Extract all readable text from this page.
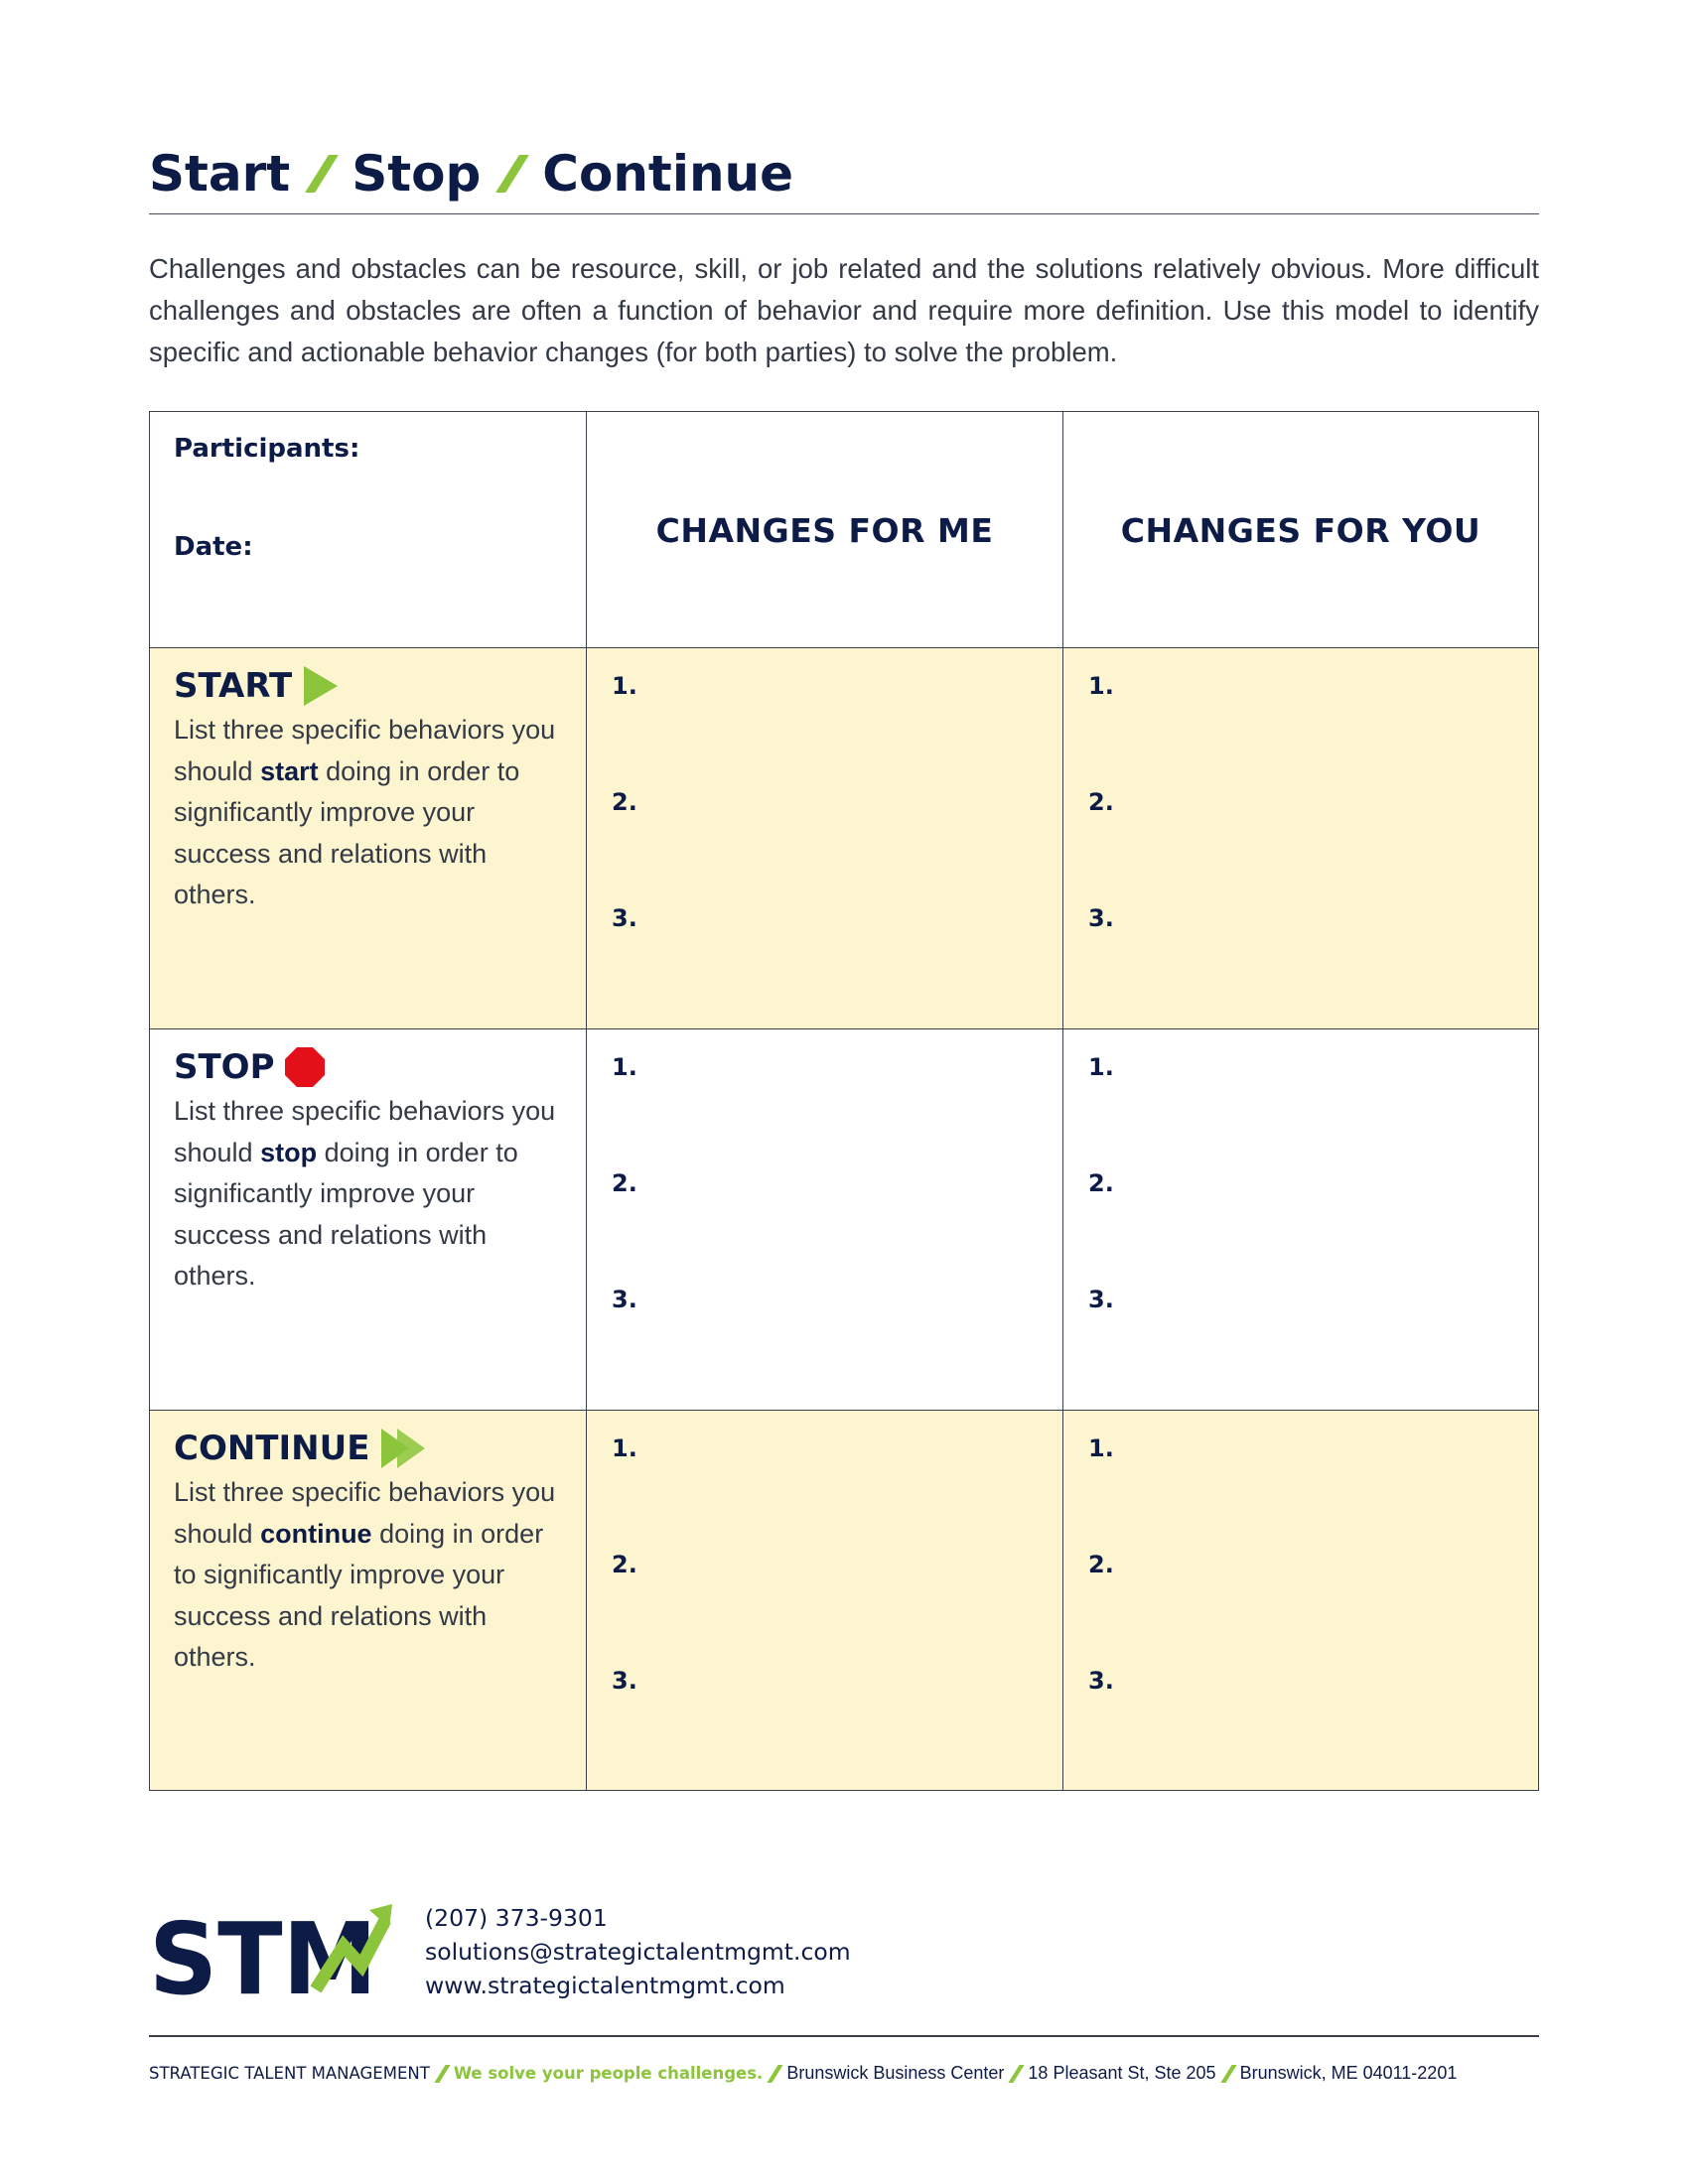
Start Stop Continue

Challenges and obstacles can be resource, skill, or job related and the solutions relatively obvious. More difficult challenges and obstacles are often a function of behavior and require more definition. Use this model to identify specific and actionable behavior changes (for both parties) to solve the problem.

Participants:
Date:	CHANGES FOR ME	CHANGES FOR YOU
START
List three specific behaviors you should start doing in order to significantly improve your success and relations with others.
1.
2.
3.
1.
2.
3.
STOP
List three specific behaviors you should stop doing in order to significantly improve your success and relations with others.
1.
2.
3.
1.
2.
3.
CONTINUE
List three specific behaviors you should continue doing in order to significantly improve your success and relations with others.
1.
2.
3.
1.
2.
3.
STM (207) 373-9301
solutions@strategictalentmgmt.com
www.strategictalentmgmt.com
STRATEGIC TALENT MANAGEMENT We solve your people challenges. Brunswick Business Center 18 Pleasant St, Ste 205 Brunswick, ME 04011-2201
